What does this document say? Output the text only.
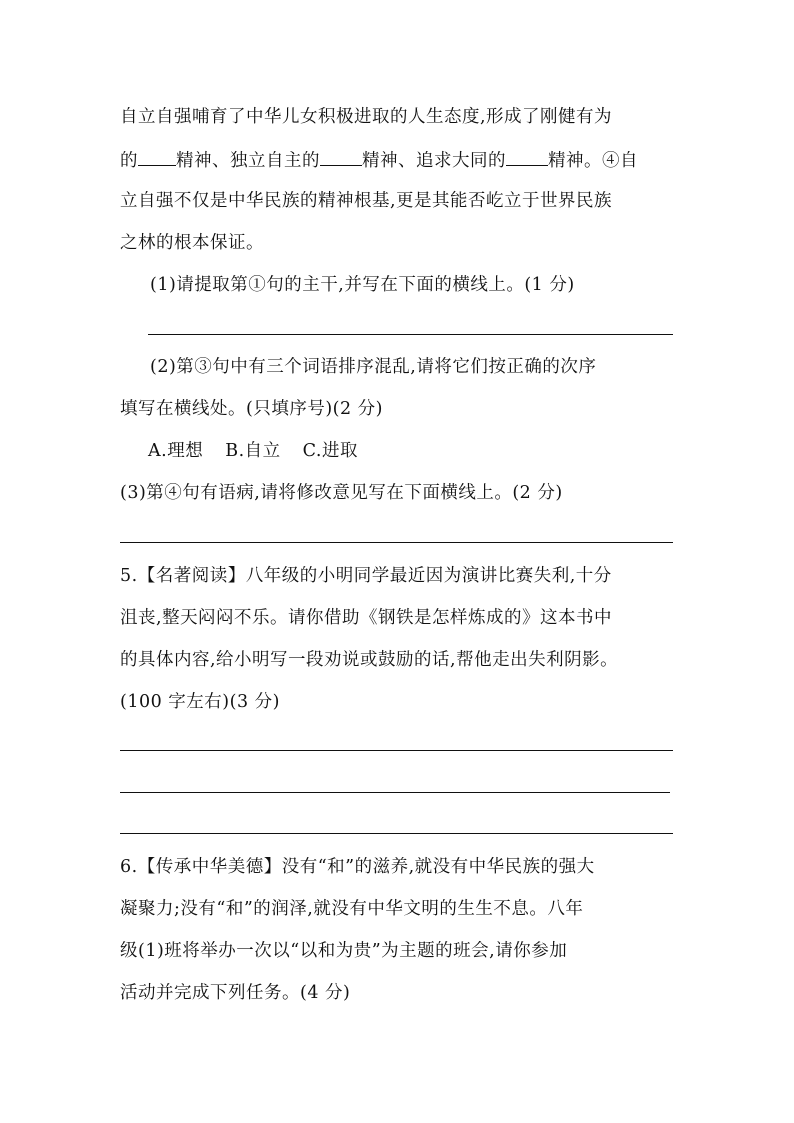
自立自强哺育了中华儿女积极进取的人生态度,形成了刚健有为
的 精神、独立自主的 精神、追求大同的 精神。④自
立自强不仅是中华民族的精神根基,更是其能否屹立于世界民族
之林的根本保证。
(1)请提取第①句的主干,并写在下面的横线上。(1 分)
(2)第③句中有三个词语排序混乱,请将它们按正确的次序
填写在横线处。(只填序号)(2 分)
A.理想 B.自立 C.进取
(3)第④句有语病,请将修改意见写在下面横线上。(2 分)
5.【名著阅读】八年级的小明同学最近因为演讲比赛失利,十分
沮丧,整天闷闷不乐。请你借助《钢铁是怎样炼成的》这本书中
的具体内容,给小明写一段劝说或鼓励的话,帮他走出失利阴影。
(100 字左右)(3 分)
6.【传承中华美德】没有“和”的滋养,就没有中华民族的强大
凝聚力;没有“和”的润泽,就没有中华文明的生生不息。八年
级(1)班将举办一次以“以和为贵”为主题的班会,请你参加
活动并完成下列任务。(4 分)
